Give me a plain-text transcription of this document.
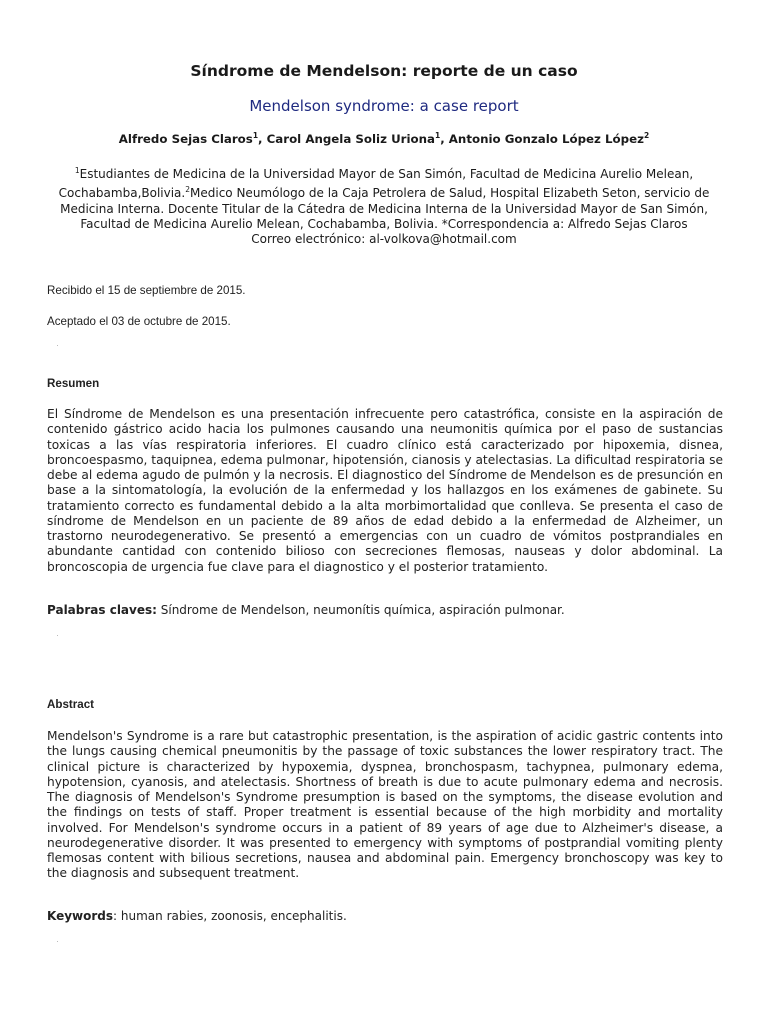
Síndrome de Mendelson: reporte de un caso
Mendelson syndrome: a case report
Alfredo Sejas Claros$^1$, Carol Angela Soliz Uriona$^1$, Antonio Gonzalo López López$^2$
$^1$Estudiantes de Medicina de la Universidad Mayor de San Simón, Facultad de Medicina Aurelio Melean, Cochabamba,Bolivia.$^2$Medico Neumólogo de la Caja Petrolera de Salud, Hospital Elizabeth Seton, servicio de Medicina Interna. Docente Titular de la Cátedra de Medicina Interna de la Universidad Mayor de San Simón, Facultad de Medicina Aurelio Melean, Cochabamba, Bolivia. *Correspondencia a: Alfredo Sejas Claros
Correo electrónico: al-volkova@hotmail.com
Recibido el 15 de septiembre de 2015.
Aceptado el 03 de octubre de 2015.
Resumen
El Síndrome de Mendelson es una presentación infrecuente pero catastrófica, consiste en la aspiración de contenido gástrico acido hacia los pulmones causando una neumonitis química por el paso de sustancias toxicas a las vías respiratoria inferiores. El cuadro clínico está caracterizado por hipoxemia, disnea, broncoespasmo, taquipnea, edema pulmonar, hipotensión, cianosis y atelectasias. La dificultad respiratoria se debe al edema agudo de pulmón y la necrosis. El diagnostico del Síndrome de Mendelson es de presunción en base a la sintomatología, la evolución de la enfermedad y los hallazgos en los exámenes de gabinete. Su tratamiento correcto es fundamental debido a la alta morbimortalidad que conlleva. Se presenta el caso de síndrome de Mendelson en un paciente de 89 años de edad debido a la enfermedad de Alzheimer, un trastorno neurodegenerativo. Se presentó a emergencias con un cuadro de vómitos postprandiales en abundante cantidad con contenido bilioso con secreciones flemosas, nauseas y dolor abdominal. La broncoscopia de urgencia fue clave para el diagnostico y el posterior tratamiento.
Palabras claves: Síndrome de Mendelson, neumonítis química, aspiración pulmonar.
Abstract
Mendelson's Syndrome is a rare but catastrophic presentation, is the aspiration of acidic gastric contents into the lungs causing chemical pneumonitis by the passage of toxic substances the lower respiratory tract. The clinical picture is characterized by hypoxemia, dyspnea, bronchospasm, tachypnea, pulmonary edema, hypotension, cyanosis, and atelectasis. Shortness of breath is due to acute pulmonary edema and necrosis. The diagnosis of Mendelson's Syndrome presumption is based on the symptoms, the disease evolution and the findings on tests of staff. Proper treatment is essential because of the high morbidity and mortality involved. For Mendelson's syndrome occurs in a patient of 89 years of age due to Alzheimer's disease, a neurodegenerative disorder. It was presented to emergency with symptoms of postprandial vomiting plenty flemosas content with bilious secretions, nausea and abdominal pain. Emergency bronchoscopy was key to the diagnosis and subsequent treatment.
Keywords: human rabies, zoonosis, encephalitis.
